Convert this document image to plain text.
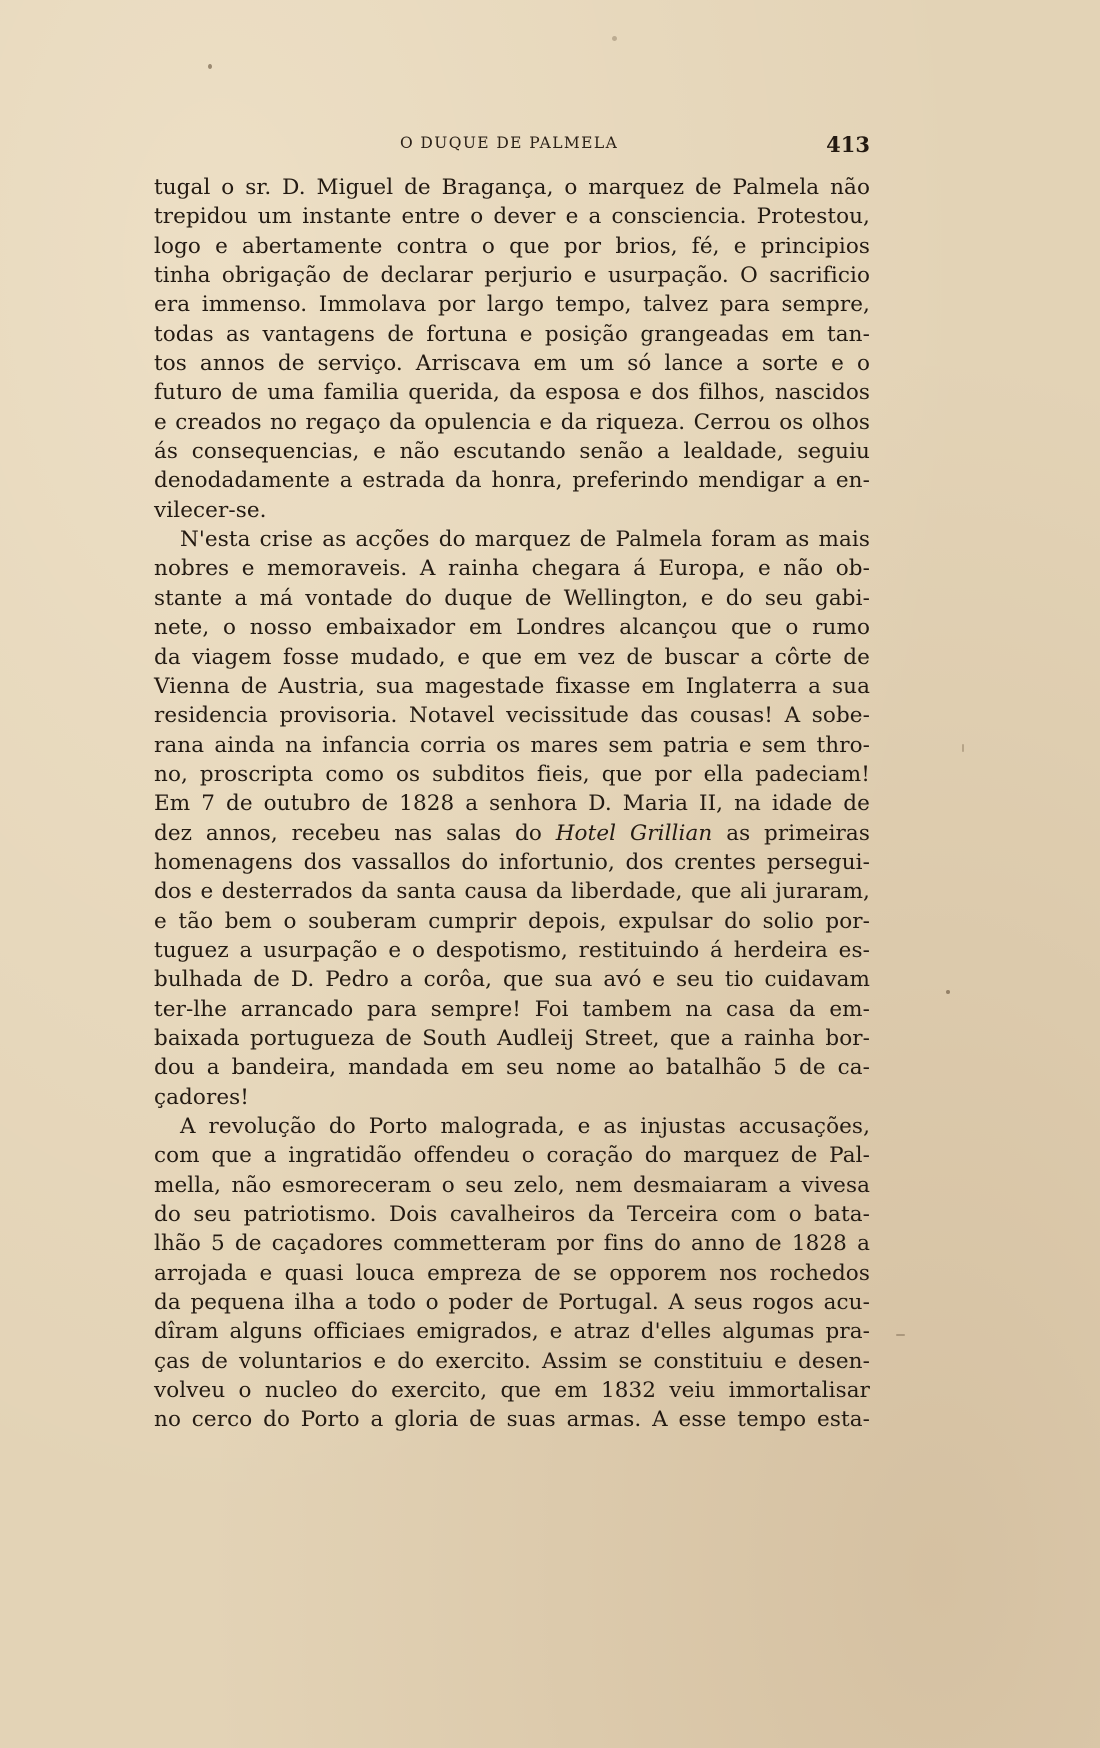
O DUQUE DE PALMELA	413
tugal o sr. D. Miguel de Bragança, o marquez de Palmela não
trepidou um instante entre o dever e a consciencia. Protestou,
logo e abertamente contra o que por brios, fé, e principios
tinha obrigação de declarar perjurio e usurpação. O sacrificio
era immenso. Immolava por largo tempo, talvez para sempre,
todas as vantagens de fortuna e posição grangeadas em tan-
tos annos de serviço. Arriscava em um só lance a sorte e o
futuro de uma familia querida, da esposa e dos filhos, nascidos
e creados no regaço da opulencia e da riqueza. Cerrou os olhos
ás consequencias, e não escutando senão a lealdade, seguiu
denodadamente a estrada da honra, preferindo mendigar a en-
vilecer-se.
N'esta crise as acções do marquez de Palmela foram as mais
nobres e memoraveis. A rainha chegara á Europa, e não ob-
stante a má vontade do duque de Wellington, e do seu gabi-
nete, o nosso embaixador em Londres alcançou que o rumo
da viagem fosse mudado, e que em vez de buscar a côrte de
Vienna de Austria, sua magestade fixasse em Inglaterra a sua
residencia provisoria. Notavel vecissitude das cousas! A sobe-
rana ainda na infancia corria os mares sem patria e sem thro-
no, proscripta como os subditos fieis, que por ella padeciam!
Em 7 de outubro de 1828 a senhora D. Maria II, na idade de
dez annos, recebeu nas salas do Hotel Grillian as primeiras
homenagens dos vassallos do infortunio, dos crentes persegui-
dos e desterrados da santa causa da liberdade, que ali juraram,
e tão bem o souberam cumprir depois, expulsar do solio por-
tuguez a usurpação e o despotismo, restituindo á herdeira es-
bulhada de D. Pedro a corôa, que sua avó e seu tio cuidavam
ter-lhe arrancado para sempre! Foi tambem na casa da em-
baixada portugueza de South Audleij Street, que a rainha bor-
dou a bandeira, mandada em seu nome ao batalhão 5 de ca-
çadores!
A revolução do Porto malograda, e as injustas accusações,
com que a ingratidão offendeu o coração do marquez de Pal-
mella, não esmoreceram o seu zelo, nem desmaiaram a vivesa
do seu patriotismo. Dois cavalheiros da Terceira com o bata-
lhão 5 de caçadores commetteram por fins do anno de 1828 a
arrojada e quasi louca empreza de se opporem nos rochedos
da pequena ilha a todo o poder de Portugal. A seus rogos acu-
dîram alguns officiaes emigrados, e atraz d'elles algumas pra-
ças de voluntarios e do exercito. Assim se constituiu e desen-
volveu o nucleo do exercito, que em 1832 veiu immortalisar
no cerco do Porto a gloria de suas armas. A esse tempo esta-
